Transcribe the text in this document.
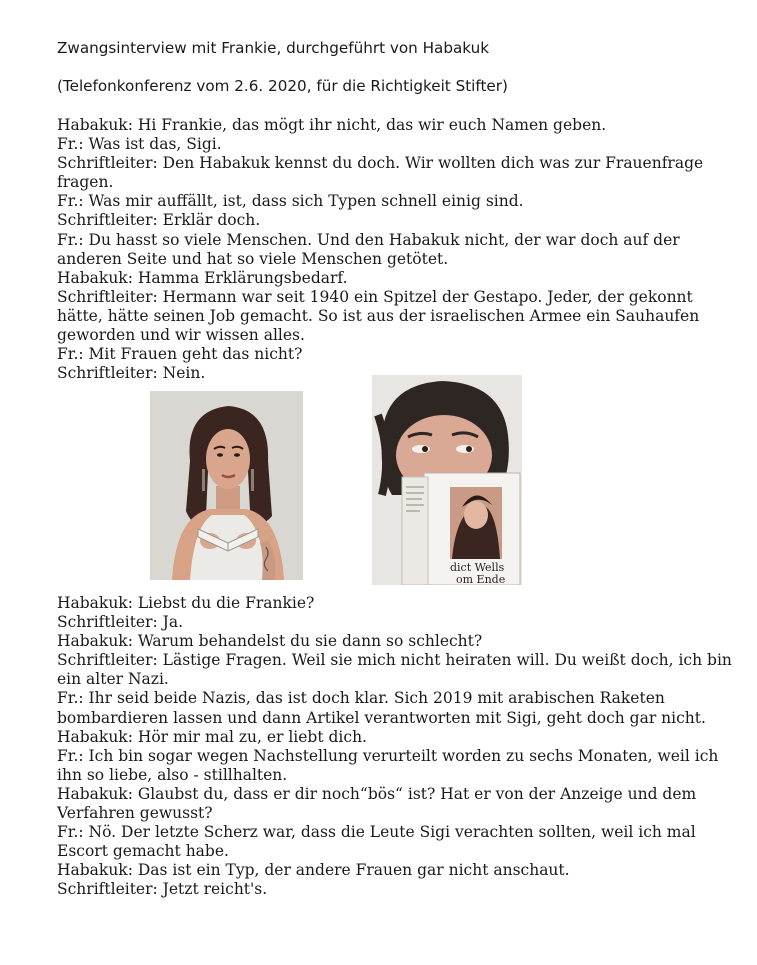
Zwangsinterview mit Frankie, durchgeführt von Habakuk
(Telefonkonferenz vom 2.6. 2020, für die Richtigkeit Stifter)

Habakuk: Hi Frankie, das mögt ihr nicht, das wir euch Namen geben.

Fr.: Was ist das, Sigi.

Schriftleiter: Den Habakuk kennst du doch. Wir wollten dich was zur Frauenfrage fragen.

Fr.: Was mir auffällt, ist, dass sich Typen schnell einig sind.

Schriftleiter: Erklär doch.

Fr.: Du hasst so viele Menschen. Und den Habakuk nicht, der war doch auf der anderen Seite und hat so viele Menschen getötet.

Habakuk: Hamma Erklärungsbedarf.

Schriftleiter: Hermann war seit 1940 ein Spitzel der Gestapo. Jeder, der gekonnt hätte, hätte seinen Job gemacht. So ist aus der israelischen Armee ein Sauhaufen geworden und wir wissen alles.

Fr.: Mit Frauen geht das nicht?

Schriftleiter: Nein.

dict Wells
om Ende

Habakuk: Liebst du die Frankie?

Schriftleiter: Ja.

Habakuk: Warum behandelst du sie dann so schlecht?

Schriftleiter: Lästige Fragen. Weil sie mich nicht heiraten will. Du weißt doch, ich bin ein alter Nazi.

Fr.: Ihr seid beide Nazis, das ist doch klar. Sich 2019 mit arabischen Raketen bombardieren lassen und dann Artikel verantworten mit Sigi, geht doch gar nicht.

Habakuk: Hör mir mal zu, er liebt dich.

Fr.: Ich bin sogar wegen Nachstellung verurteilt worden zu sechs Monaten, weil ich ihn so liebe, also - stillhalten.

Habakuk: Glaubst du, dass er dir noch“bös“ ist? Hat er von der Anzeige und dem Verfahren gewusst?

Fr.: Nö. Der letzte Scherz war, dass die Leute Sigi verachten sollten, weil ich mal Escort gemacht habe.

Habakuk: Das ist ein Typ, der andere Frauen gar nicht anschaut.

Schriftleiter: Jetzt reicht's.
